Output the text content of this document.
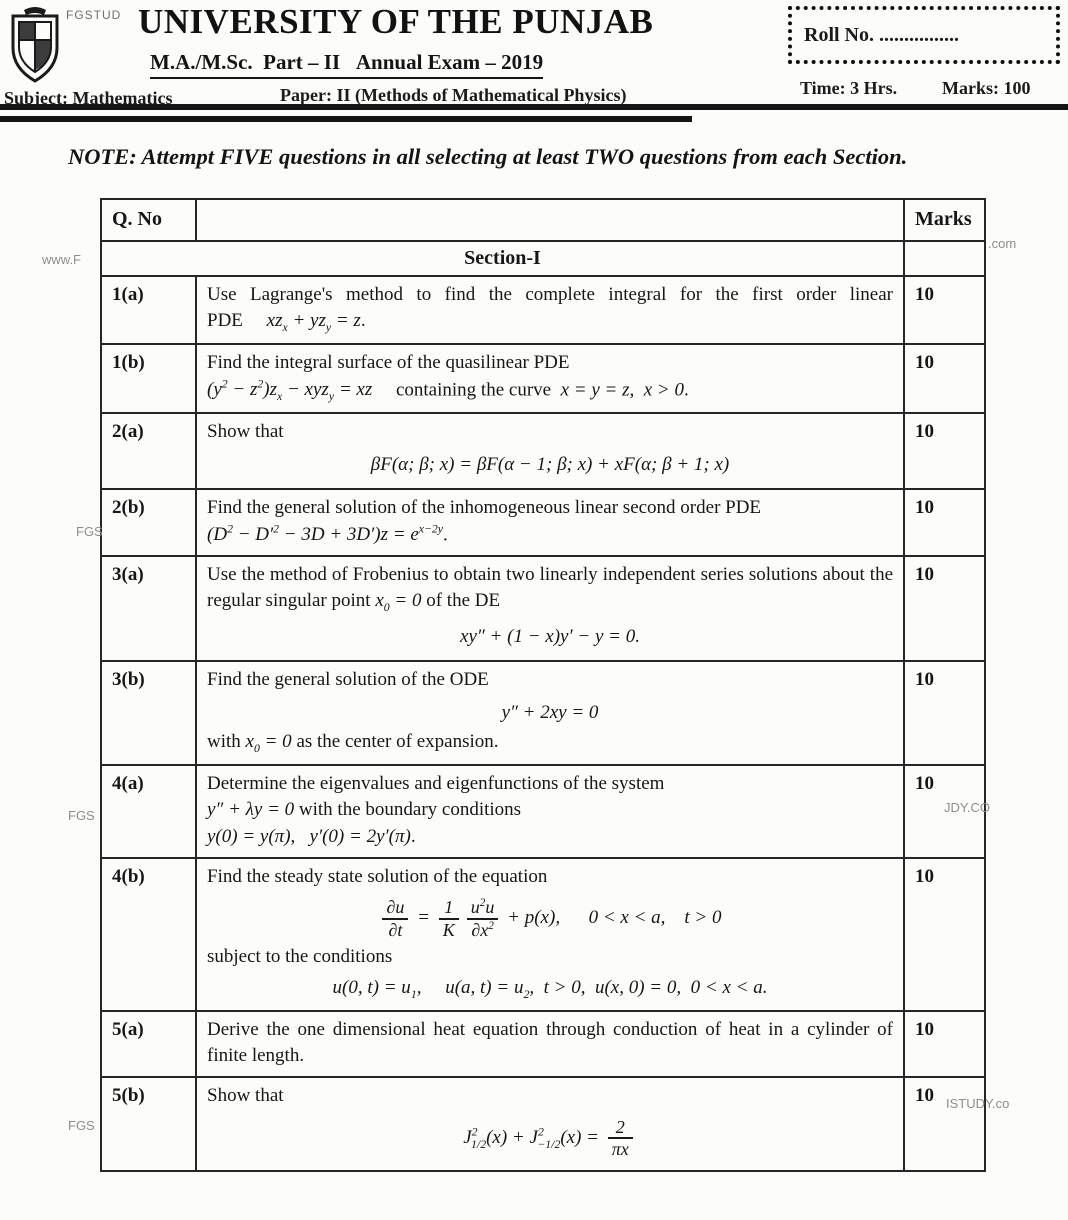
FGSTUD UNIVERSITY OF THE PUNJAB
M.A./M.Sc.  Part – II   Annual Exam – 2019
Subject: Mathematics	Paper: II (Methods of Mathematical Physics)
Roll No. ................
Time: 3 Hrs. Marks: 100
NOTE: Attempt FIVE questions in all selecting at least TWO questions from each Section.
Q. No		Marks
Section-I		
1(a)	Use Lagrange's method to find the complete integral for the first order linear PDE     $xz_x + yz_y = z$.	10
1(b)	Find the integral surface of the quasilinear PDE
$(y^2 - z^2)z_x - xyz_y$ = xz     containing the curve  x = y = z,  x > 0.	10
2(a)	Show that
βF(α; β; x) = βF(α − 1; β; x) + xF(α; β + 1; x)	10
2(b)	Find the general solution of the inhomogeneous linear second order PDE
$(D^2 - D'^2 - 3D + 3D')z = e^{x-2y}$.	10
3(a)	Use the method of Frobenius to obtain two linearly independent series solutions about the regular singular point $x_0 = 0$ of the DE
xy″ + (1 − x)y′ − y = 0.	10
3(b)	Find the general solution of the ODE
y″ + 2xy = 0
with $x_0 = 0$ as the center of expansion.	10
4(a)	Determine the eigenvalues and eigenfunctions of the system
y″ + λy = 0 with the boundary conditions
y(0) = y(π),   y′(0) = 2y′(π).	10
4(b)	Find the steady state solution of the equation
$\frac{\partial u}{\partial t} = \frac{1}{K} \frac{u^2u}{\partial x^2} + p(x)$,      0 < x < a,    t > 0
subject to the conditions
u(0, $t) = u_1$,     u(a, $t) = u_2$,  t > 0,  u(x, 0) = 0,  0 < x < a.
	10
5(a)	Derive the one dimensional heat equation through conduction of heat in a cylinder of finite length.	10
5(b)	Show that
$J^2_{1/2}(x) + J^2_{-1/2}(x) = \frac{2}{\pi x}$	10
www.F
FGS
FGS
FGS
.com
JDY.CO
ISTUDY.co
